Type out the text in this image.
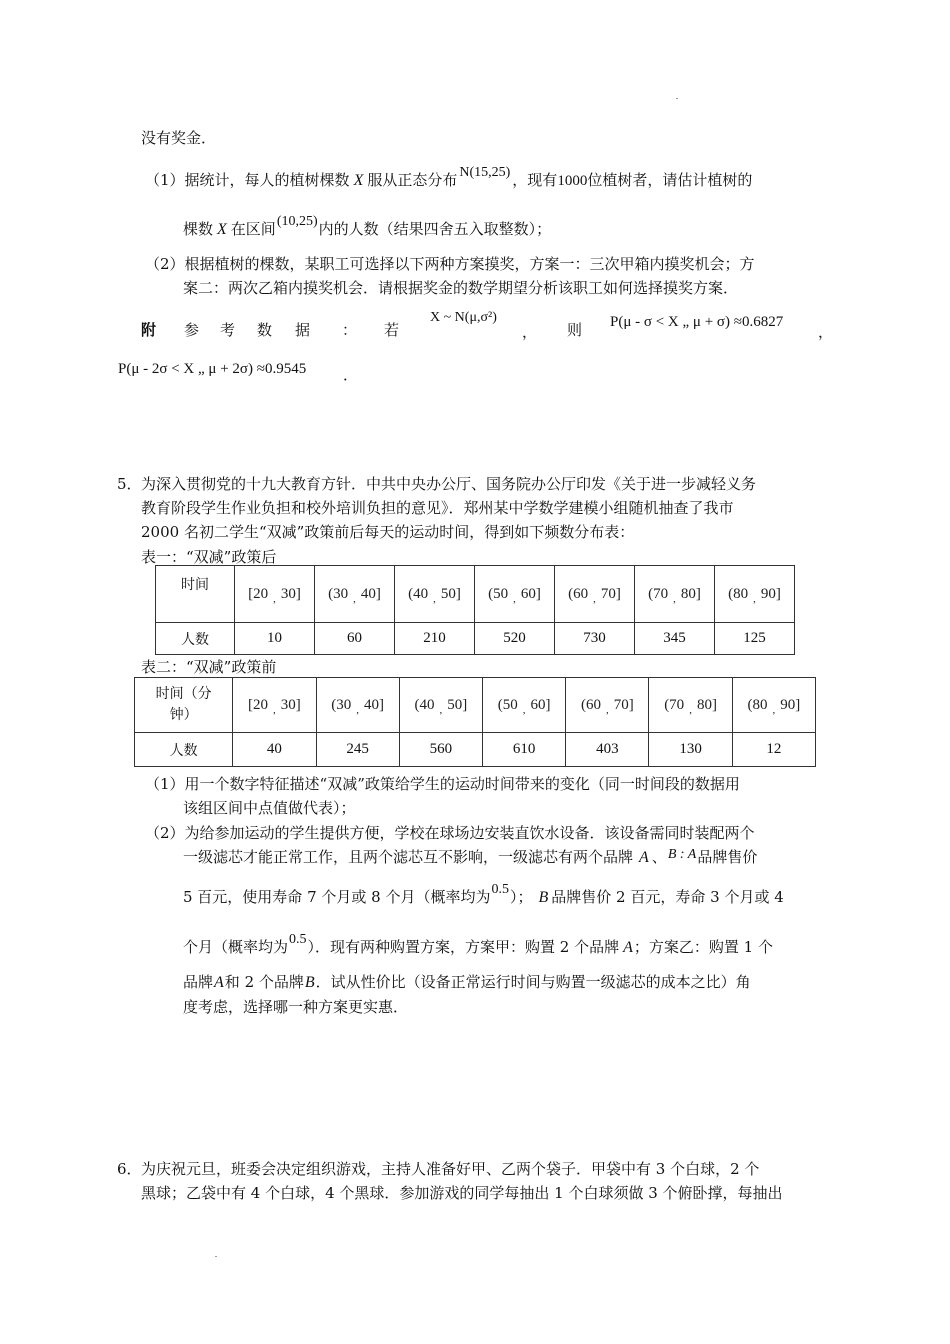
没有奖金．
（1）据统计，每人的植树棵数 X 服从正态分布 N(15,25) ，现有1000位植树者，请估计植树的
棵数 X 在区间(10,25)内的人数（结果四舍五入取整数）；
（2）根据植树的棵数，某职工可选择以下两种方案摸奖，方案一：三次甲箱内摸奖机会；方
案二：两次乙箱内摸奖机会．请根据奖金的数学期望分析该职工如何选择摸奖方案．
附 参 考 数 据 ： 若
X ~ N(μ,σ²)
， 则 P(μ - σ < X „ μ + σ) ≈0.6827
，
P(μ - 2σ < X „ μ + 2σ) ≈0.9545 ．
5． 为深入贯彻党的十九大教育方针．中共中央办公厅、国务院办公厅印发《关于进一步减轻义务
教育阶段学生作业负担和校外培训负担的意见》．郑州某中学数学建模小组随机抽查了我市
2000 名初二学生“双减”政策前后每天的运动时间，得到如下频数分布表：
表一：“双减”政策后
时间	[20 $_,$ 30]	(30 $_,$ 40]	(40 $_,$ 50]	(50 $_,$ 60]	(60 $_,$ 70]	(70 $_,$ 80]	(80 $_,$ 90]
人数	10	60	210	520	730	345	125
表二：“双减”政策前
时间（分
钟）	[20 $_,$ 30]	(30 $_,$ 40]	(40 $_,$ 50]	(50 $_,$ 60]	(60 $_,$ 70]	(70 $_,$ 80]	(80 $_,$ 90]
人数	40	245	560	610	403	130	12
（1）用一个数字特征描述“双减”政策给学生的运动时间带来的变化（同一时间段的数据用
该组区间中点值做代表）；
（2）为给参加运动的学生提供方便，学校在球场边安装直饮水设备．该设备需同时装配两个
一级滤芯才能正常工作，且两个滤芯互不影响，一级滤芯有两个品牌 A 、B : A品牌售价
5 百元，使用寿命 7 个月或 8 个月（概率均为0.5）； B 品牌售价 2 百元，寿命 3 个月或 4
个月（概率均为0.5）．现有两种购置方案，方案甲：购置 2 个品牌 A；方案乙：购置 1 个
品牌A和 2 个品牌B．试从性价比（设备正常运行时间与购置一级滤芯的成本之比）角
度考虑，选择哪一种方案更实惠．
6． 为庆祝元旦，班委会决定组织游戏，主持人准备好甲、乙两个袋子．甲袋中有 3 个白球，2 个
黑球；乙袋中有 4 个白球，4 个黑球．参加游戏的同学每抽出 1 个白球须做 3 个俯卧撑，每抽出
